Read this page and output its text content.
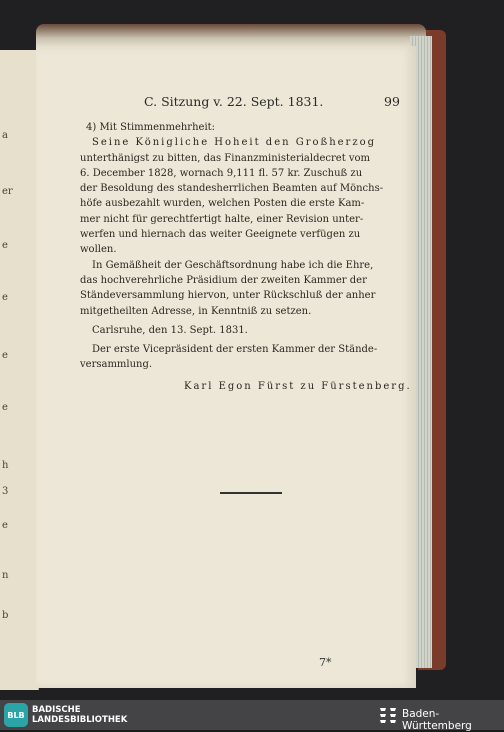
a
er
e
e
e
e
h
3
e
n
b
C. Sitzung v. 22. Sept. 1831.	99

4) Mit Stimmenmehrheit:

Seine Königliche Hoheit den Großherzog

unterthänigst zu bitten, das Finanzministerialdecret vom

6. December 1828, wornach 9,111 fl. 57 kr. Zuschuß zu

der Besoldung des standesherrlichen Beamten auf Mönchs-

höfe ausbezahlt wurden, welchen Posten die erste Kam-

mer nicht für gerechtfertigt halte, einer Revision unter-

werfen und hiernach das weiter Geeignete verfügen zu

wollen.

In Gemäßheit der Geschäftsordnung habe ich die Ehre,

das hochverehrliche Präsidium der zweiten Kammer der

Ständeversammlung hiervon, unter Rückschluß der anher

mitgetheilten Adresse, in Kenntniß zu setzen.

Carlsruhe, den 13. Sept. 1831.

Der erste Vicepräsident der ersten Kammer der Stände-

versammlung.

Karl Egon Fürst zu Fürstenberg.

7*
BLB BADISCHE
LANDESBIBLIOTHEK	Baden-Württemberg
